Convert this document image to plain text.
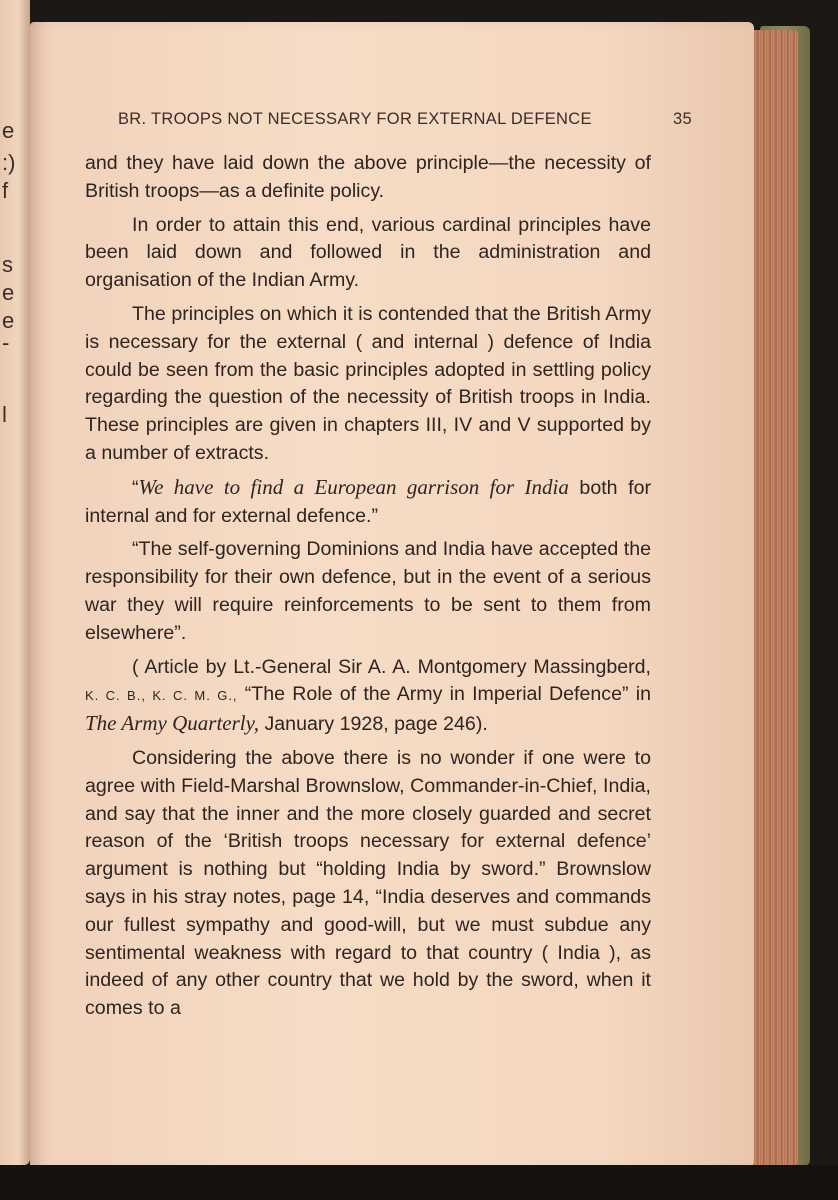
e
:)
f
s
e
e
-
l
BR. TROOPS NOT NECESSARY FOR EXTERNAL DEFENCE	35

and they have laid down the above principle—the necessity of British troops—as a definite policy.

In order to attain this end, various cardinal principles have been laid down and followed in the administration and organisation of the Indian Army.

The principles on which it is contended that the British Army is necessary for the external ( and internal ) defence of India could be seen from the basic principles adopted in settling policy regarding the question of the necessity of British troops in India. These principles are given in chapters III, IV and V supported by a number of extracts.

“We have to find a European garrison for India both for internal and for external defence.”

“The self-governing Dominions and India have accepted the responsibility for their own defence, but in the event of a serious war they will require reinforcements to be sent to them from elsewhere”.

( Article by Lt.-General Sir A. A. Montgomery Massingberd, K. C. B., K. C. M. G., “The Role of the Army in Imperial Defence” in The Army Quarterly, January 1928, page 246).

Considering the above there is no wonder if one were to agree with Field-Marshal Brownslow, Commander-in-Chief, India, and say that the inner and the more closely guarded and secret reason of the ‘British troops necessary for external defence’ argument is nothing but “holding India by sword.” Brownslow says in his stray notes, page 14, “India deserves and commands our fullest sympathy and good-will, but we must subdue any sentimental weakness with regard to that country ( India ), as indeed of any other country that we hold by the sword, when it comes to a
